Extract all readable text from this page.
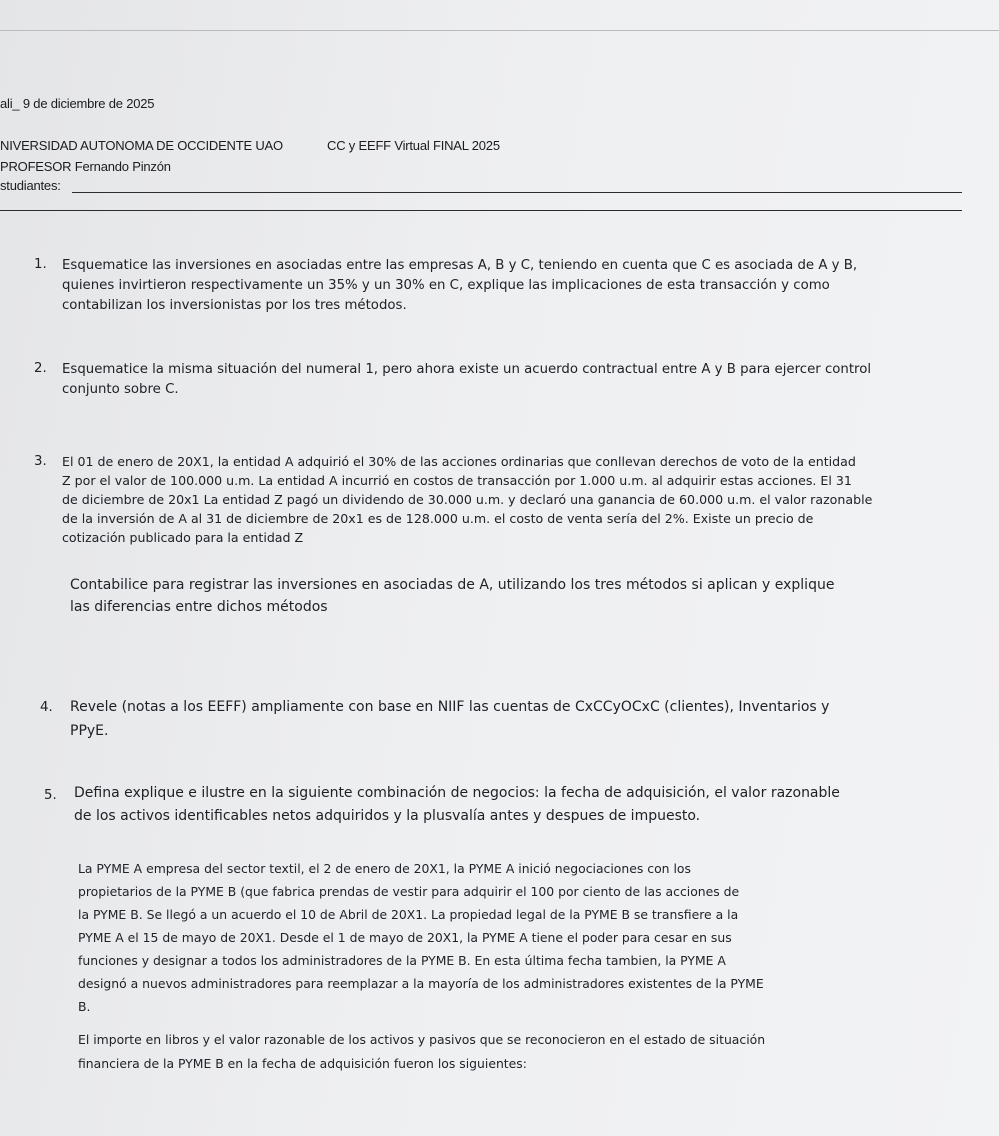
ali_ 9 de diciembre de 2025
NIVERSIDAD AUTONOMA DE OCCIDENTE UAO	CC y EEFF Virtual FINAL 2025
PROFESOR Fernando Pinzón
studiantes:
1. Esquematice las inversiones en asociadas entre las empresas A, B y C, teniendo en cuenta que C es asociada de A y B,

quienes invirtieron respectivamente un 35% y un 30% en C, explique las implicaciones de esta transacción y como

contabilizan los inversionistas por los tres métodos.

2. Esquematice la misma situación del numeral 1, pero ahora existe un acuerdo contractual entre A y B para ejercer control

conjunto sobre C.

3. El 01 de enero de 20X1, la entidad A adquirió el 30% de las acciones ordinarias que conllevan derechos de voto de la entidad

Z por el valor de 100.000 u.m. La entidad A incurrió en costos de transacción por 1.000 u.m. al adquirir estas acciones. El 31

de diciembre de 20x1 La entidad Z pagó un dividendo de 30.000 u.m. y declaró una ganancia de 60.000 u.m. el valor razonable

de la inversión de A al 31 de diciembre de 20x1 es de 128.000 u.m. el costo de venta sería del 2%. Existe un precio de

cotización publicado para la entidad Z

Contabilice para registrar las inversiones en asociadas de A, utilizando los tres métodos si aplican y explique
las diferencias entre dichos métodos
4. Revele (notas a los EEFF) ampliamente con base en NIIF las cuentas de CxCCyOCxC (clientes), Inventarios y

PPyE.

5. Defina explique e ilustre en la siguiente combinación de negocios: la fecha de adquisición, el valor razonable

de los activos identificables netos adquiridos y la plusvalía antes y despues de impuesto.

La PYME A empresa del sector textil, el 2 de enero de 20X1, la PYME A inició negociaciones con los
propietarios de la PYME B (que fabrica prendas de vestir para adquirir el 100 por ciento de las acciones de
la PYME B. Se llegó a un acuerdo el 10 de Abril de 20X1. La propiedad legal de la PYME B se transfiere a la
PYME A el 15 de mayo de 20X1. Desde el 1 de mayo de 20X1, la PYME A tiene el poder para cesar en sus
funciones y designar a todos los administradores de la PYME B. En esta última fecha tambien, la PYME A
designó a nuevos administradores para reemplazar a la mayoría de los administradores existentes de la PYME
B.
El importe en libros y el valor razonable de los activos y pasivos que se reconocieron en el estado de situación
financiera de la PYME B en la fecha de adquisición fueron los siguientes:
